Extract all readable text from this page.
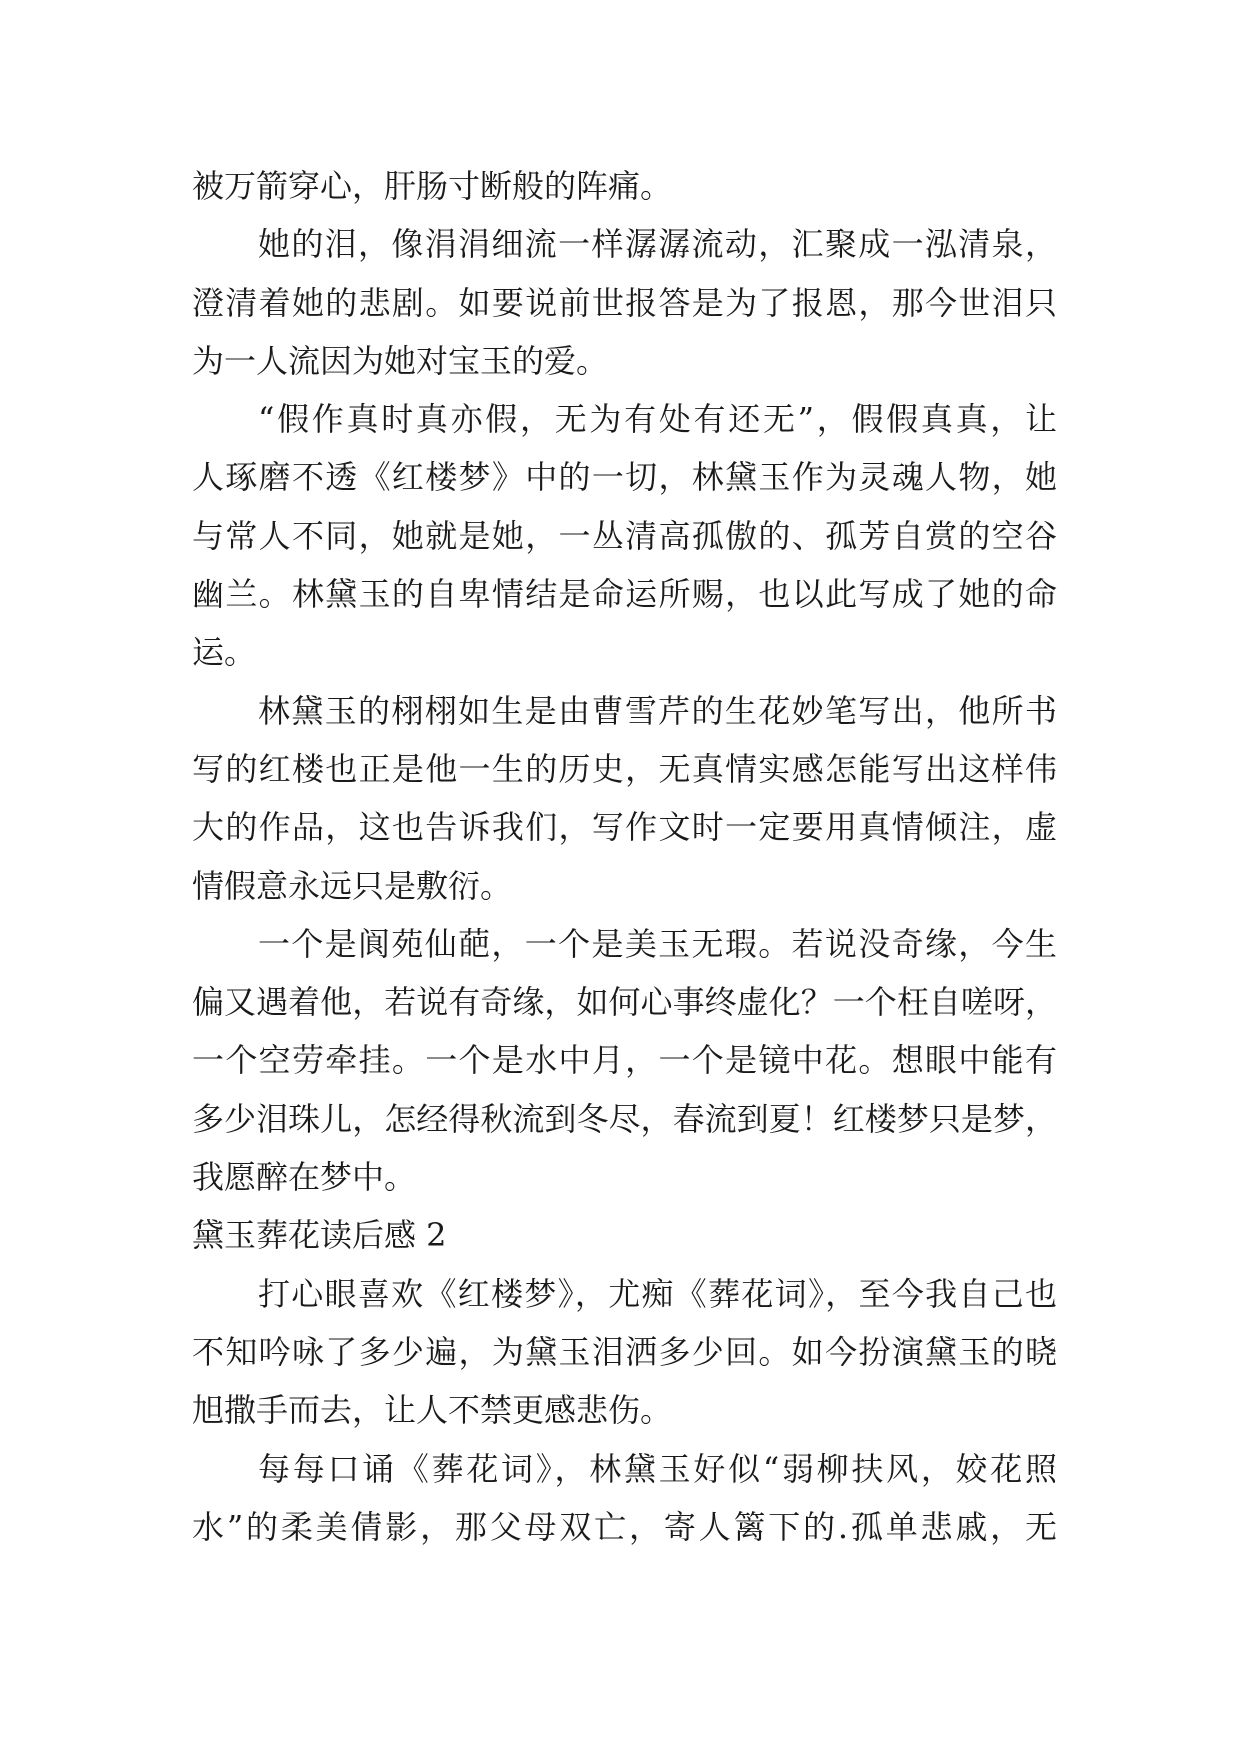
被万箭穿心，肝肠寸断般的阵痛。
她的泪，像涓涓细流一样潺潺流动，汇聚成一泓清泉，
澄清着她的悲剧。如要说前世报答是为了报恩，那今世泪只
为一人流因为她对宝玉的爱。
“假作真时真亦假，无为有处有还无”，假假真真，让
人琢磨不透《红楼梦》中的一切，林黛玉作为灵魂人物，她
与常人不同，她就是她，一丛清高孤傲的、孤芳自赏的空谷
幽兰。林黛玉的自卑情结是命运所赐，也以此写成了她的命
运。
林黛玉的栩栩如生是由曹雪芹的生花妙笔写出，他所书
写的红楼也正是他一生的历史，无真情实感怎能写出这样伟
大的作品，这也告诉我们，写作文时一定要用真情倾注，虚
情假意永远只是敷衍。
一个是阆苑仙葩，一个是美玉无瑕。若说没奇缘，今生
偏又遇着他，若说有奇缘，如何心事终虚化？一个枉自嗟呀，
一个空劳牵挂。一个是水中月，一个是镜中花。想眼中能有
多少泪珠儿，怎经得秋流到冬尽，春流到夏！红楼梦只是梦，
我愿醉在梦中。
黛玉葬花读后感 2
打心眼喜欢《红楼梦》，尤痴《葬花词》，至今我自己也
不知吟咏了多少遍，为黛玉泪洒多少回。如今扮演黛玉的晓
旭撒手而去，让人不禁更感悲伤。
每每口诵《葬花词》，林黛玉好似“弱柳扶风，姣花照
水”的柔美倩影，那父母双亡，寄人篱下的.孤单悲戚，无
